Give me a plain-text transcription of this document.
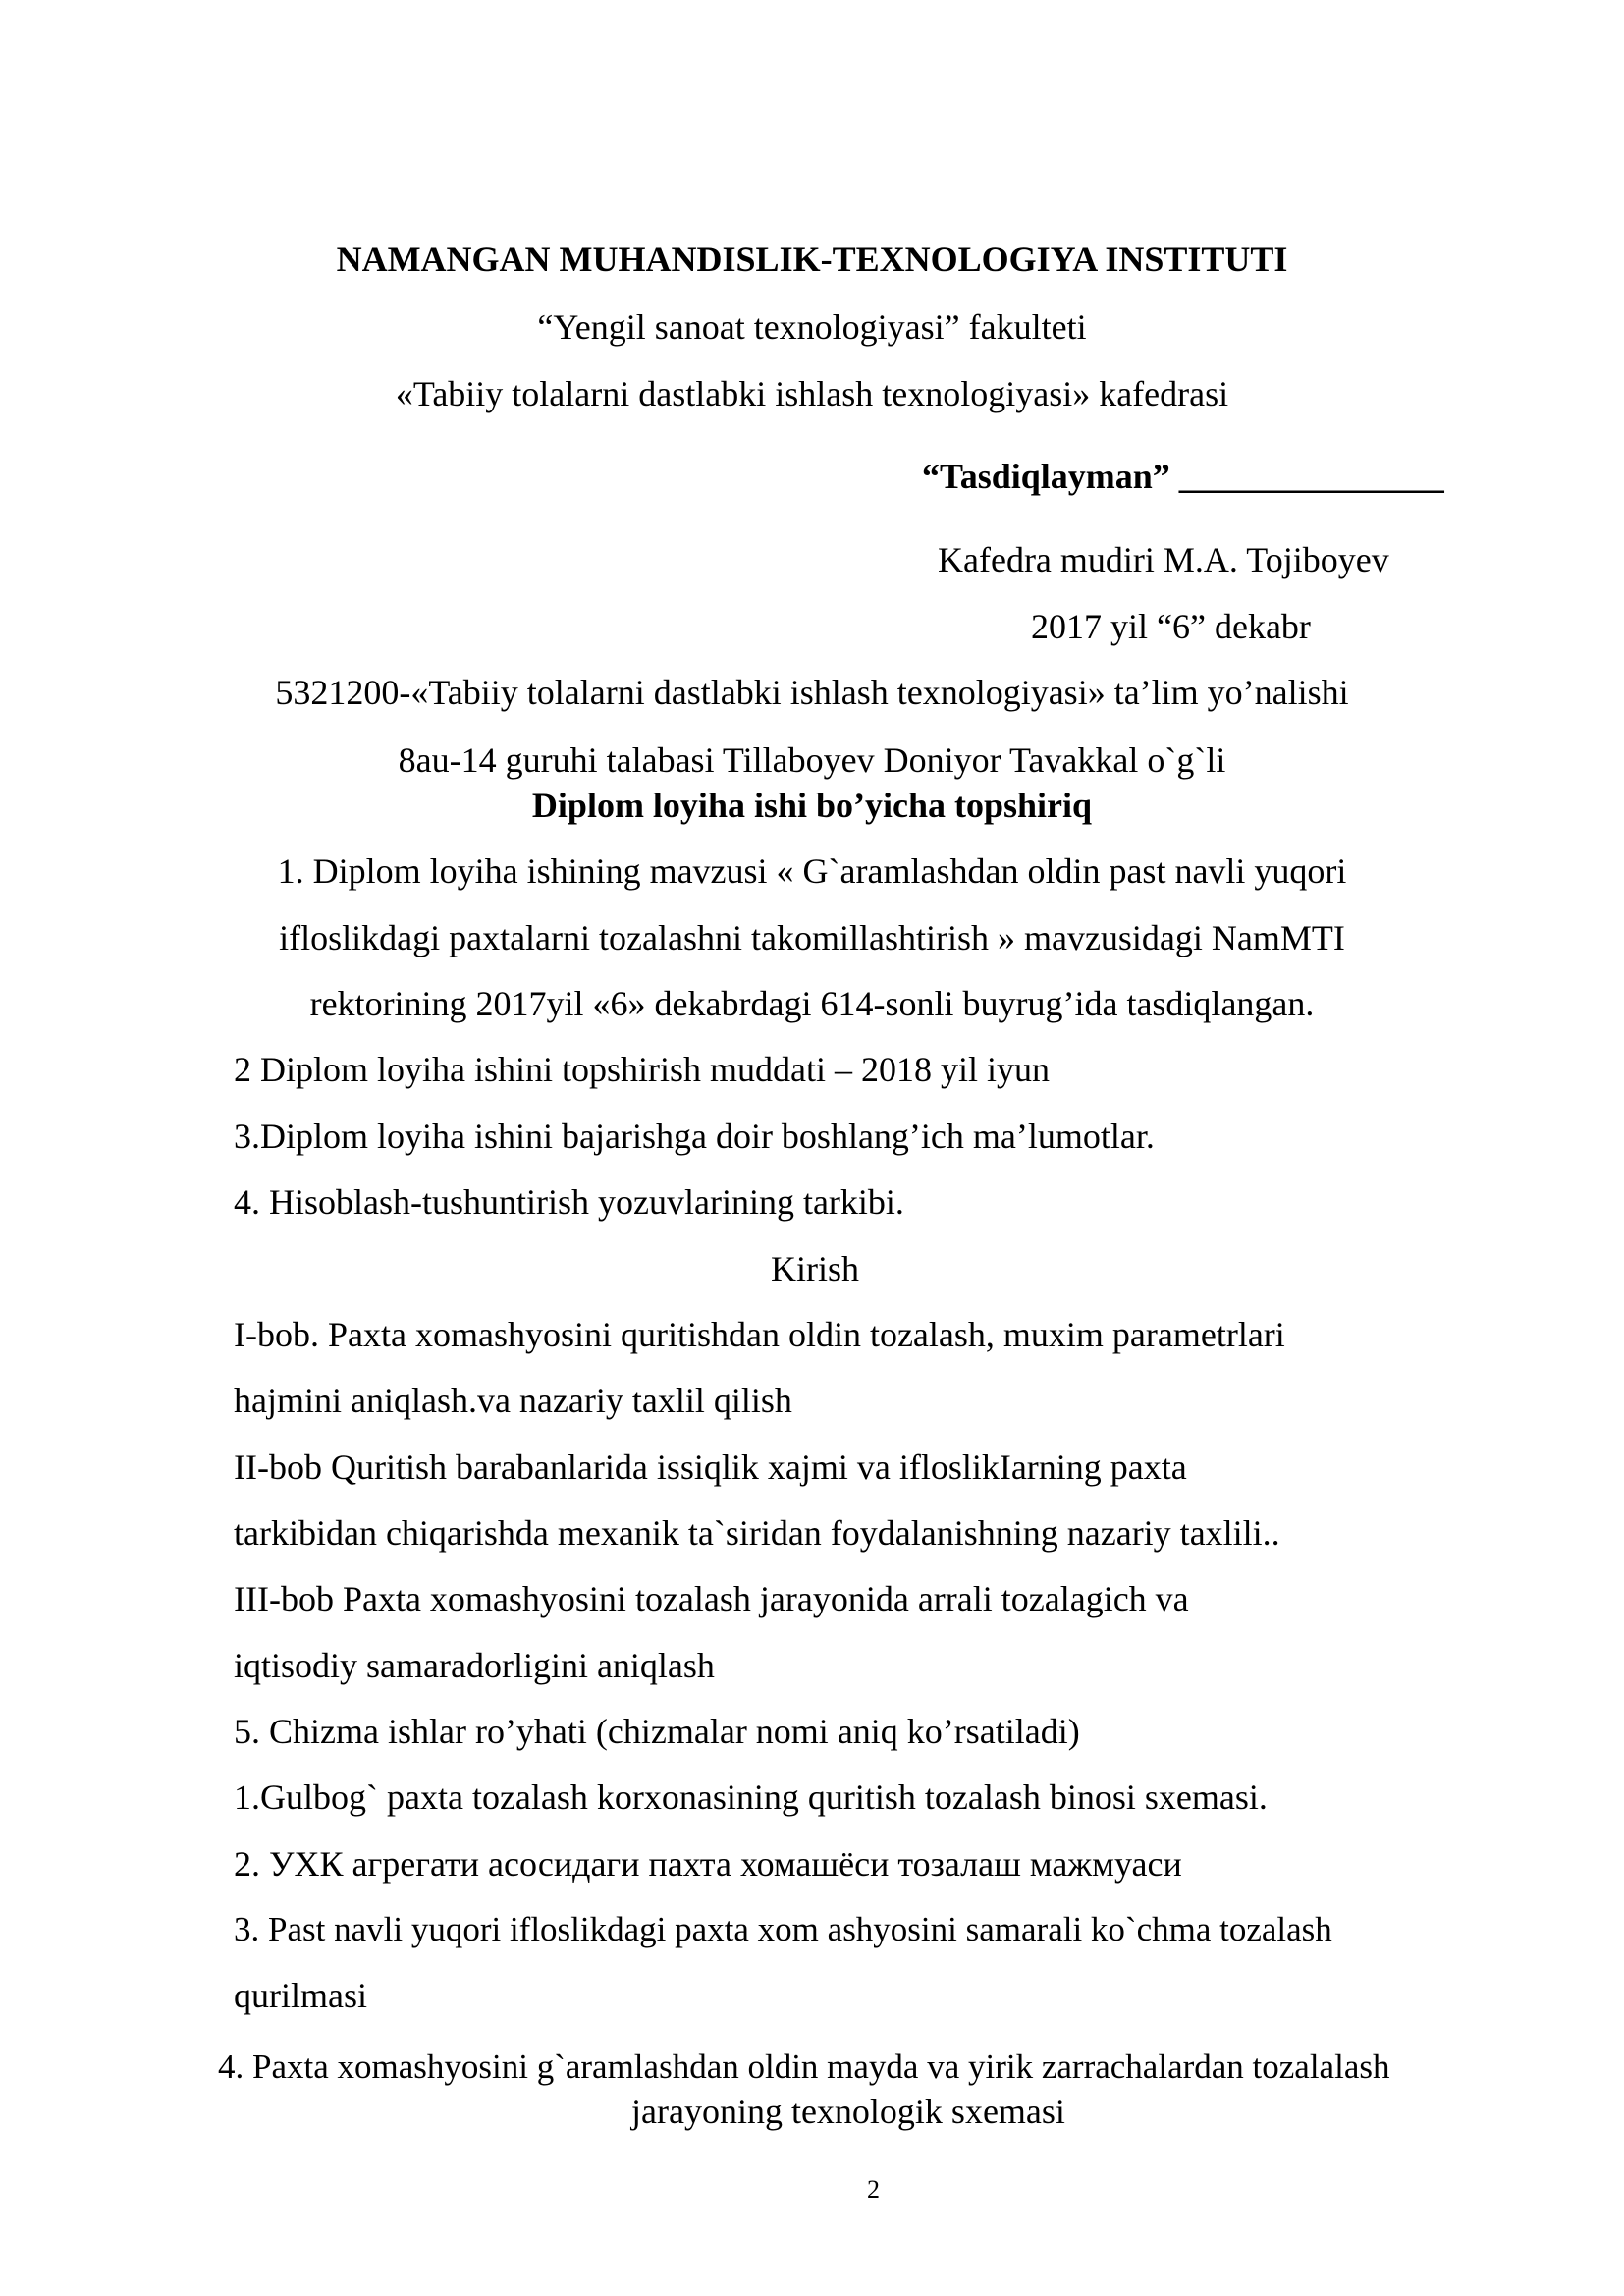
NAMANGAN MUHANDISLIK-TEXNOLOGIYA INSTITUTI

“Yengil sanoat texnologiyasi” fakulteti

«Tabiiy tolalarni dastlabki ishlash texnologiyasi» kafedrasi

“Tasdiqlayman” _______________

Kafedra mudiri M.A. Tojiboyev

2017 yil “6” dekabr

5321200-«Tabiiy tolalarni dastlabki ishlash texnologiyasi» ta’lim yo’nalishi

8au-14 guruhi talabasi Tillaboyev Doniyor Tavakkal o`g`li

Diplom loyiha ishi bo’yicha topshiriq

1. Diplom loyiha ishining mavzusi « G`aramlashdan oldin past navli yuqori

ifloslikdagi paxtalarni tozalashni takomillashtirish » mavzusidagi NamMTI

rektorining 2017yil «6» dekabrdagi 614-sonli buyrug’ida tasdiqlangan.

2 Diplom loyiha ishini topshirish muddati – 2018 yil iyun

3.Diplom loyiha ishini bajarishga doir boshlang’ich ma’lumotlar.

4. Hisoblash-tushuntirish yozuvlarining tarkibi.

Kirish

I-bob. Paxta xomashyosini quritishdan oldin tozalash, muxim parametrlari

hajmini aniqlash.va nazariy taxlil qilish

II-bob Quritish barabanlarida issiqlik xajmi va ifloslikIarning paxta

tarkibidan chiqarishda mexanik ta`siridan foydalanishning nazariy taxlili..

III-bob Paxta xomashyosini tozalash jarayonida arrali tozalagich va

iqtisodiy samaradorligini aniqlash

5. Chizma ishlar ro’yhati (chizmalar nomi aniq ko’rsatiladi)

1.Gulbog` paxta tozalash korxonasining quritish tozalash binosi sxemasi.

2. УХК агрегати асосидаги пахта хомашёси тозалаш мажмуаси

3. Past navli yuqori ifloslikdagi paxta xom ashyosini samarali ko`chma tozalash

qurilmasi

4. Paxta xomashyosini g`aramlashdan oldin mayda va yirik zarrachalardan tozalalash

jarayoning texnologik sxemasi

2
